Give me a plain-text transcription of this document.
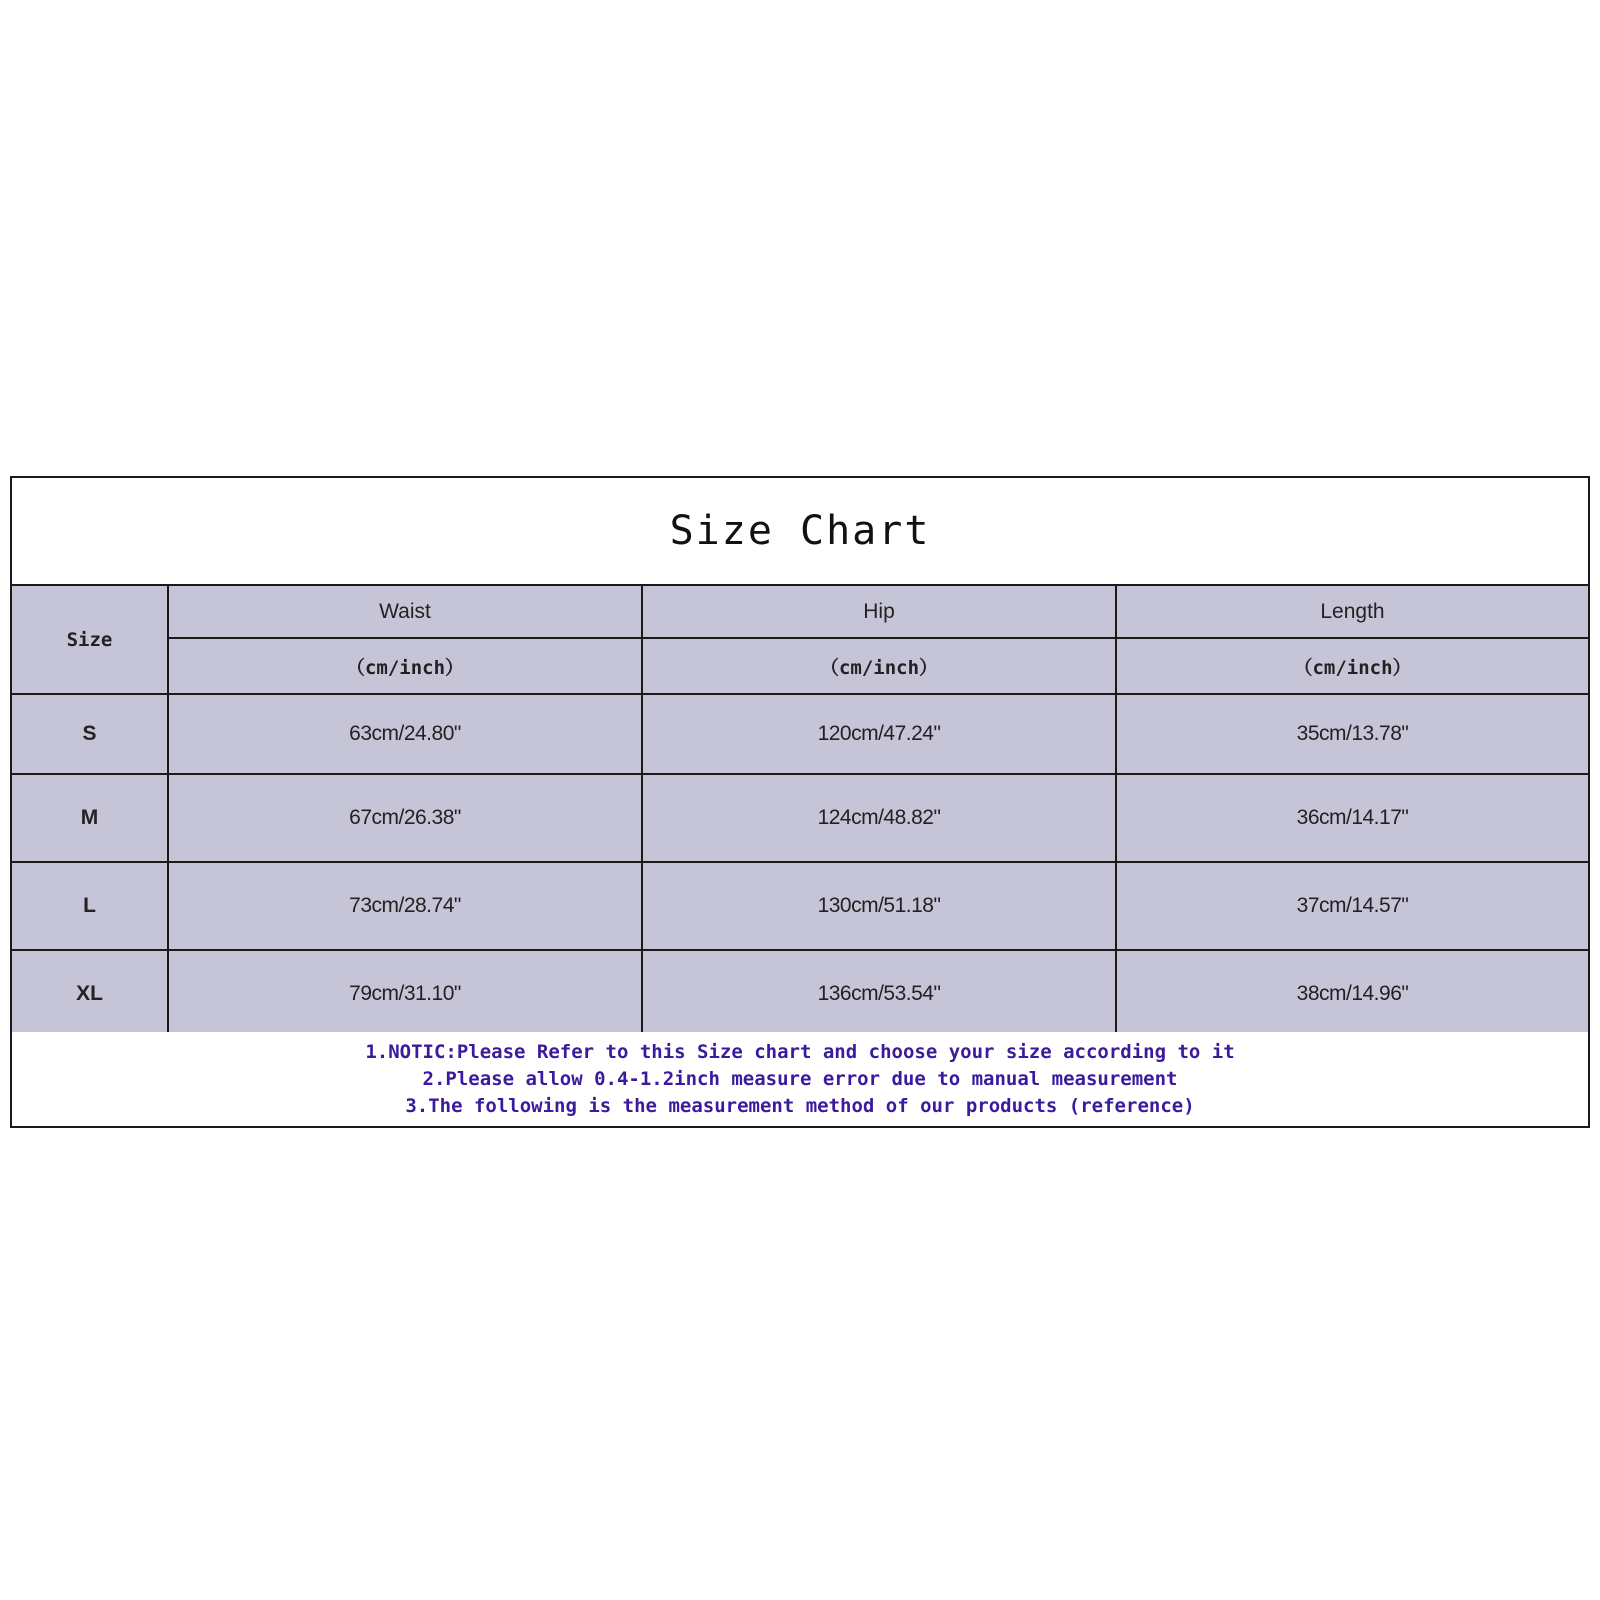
Size Chart
Size	Waist	Hip	Length
	（cm/inch）	（cm/inch）	（cm/inch）
S	63cm/24.80"	120cm/47.24"	35cm/13.78"
M	67cm/26.38"	124cm/48.82"	36cm/14.17"
L	73cm/28.74"	130cm/51.18"	37cm/14.57"
XL	79cm/31.10"	136cm/53.54"	38cm/14.96"
1.NOTIC:Please Refer to this Size chart and choose your size according to it
2.Please allow 0.4-1.2inch measure error due to manual measurement
3.The following is the measurement method of our products (reference)
